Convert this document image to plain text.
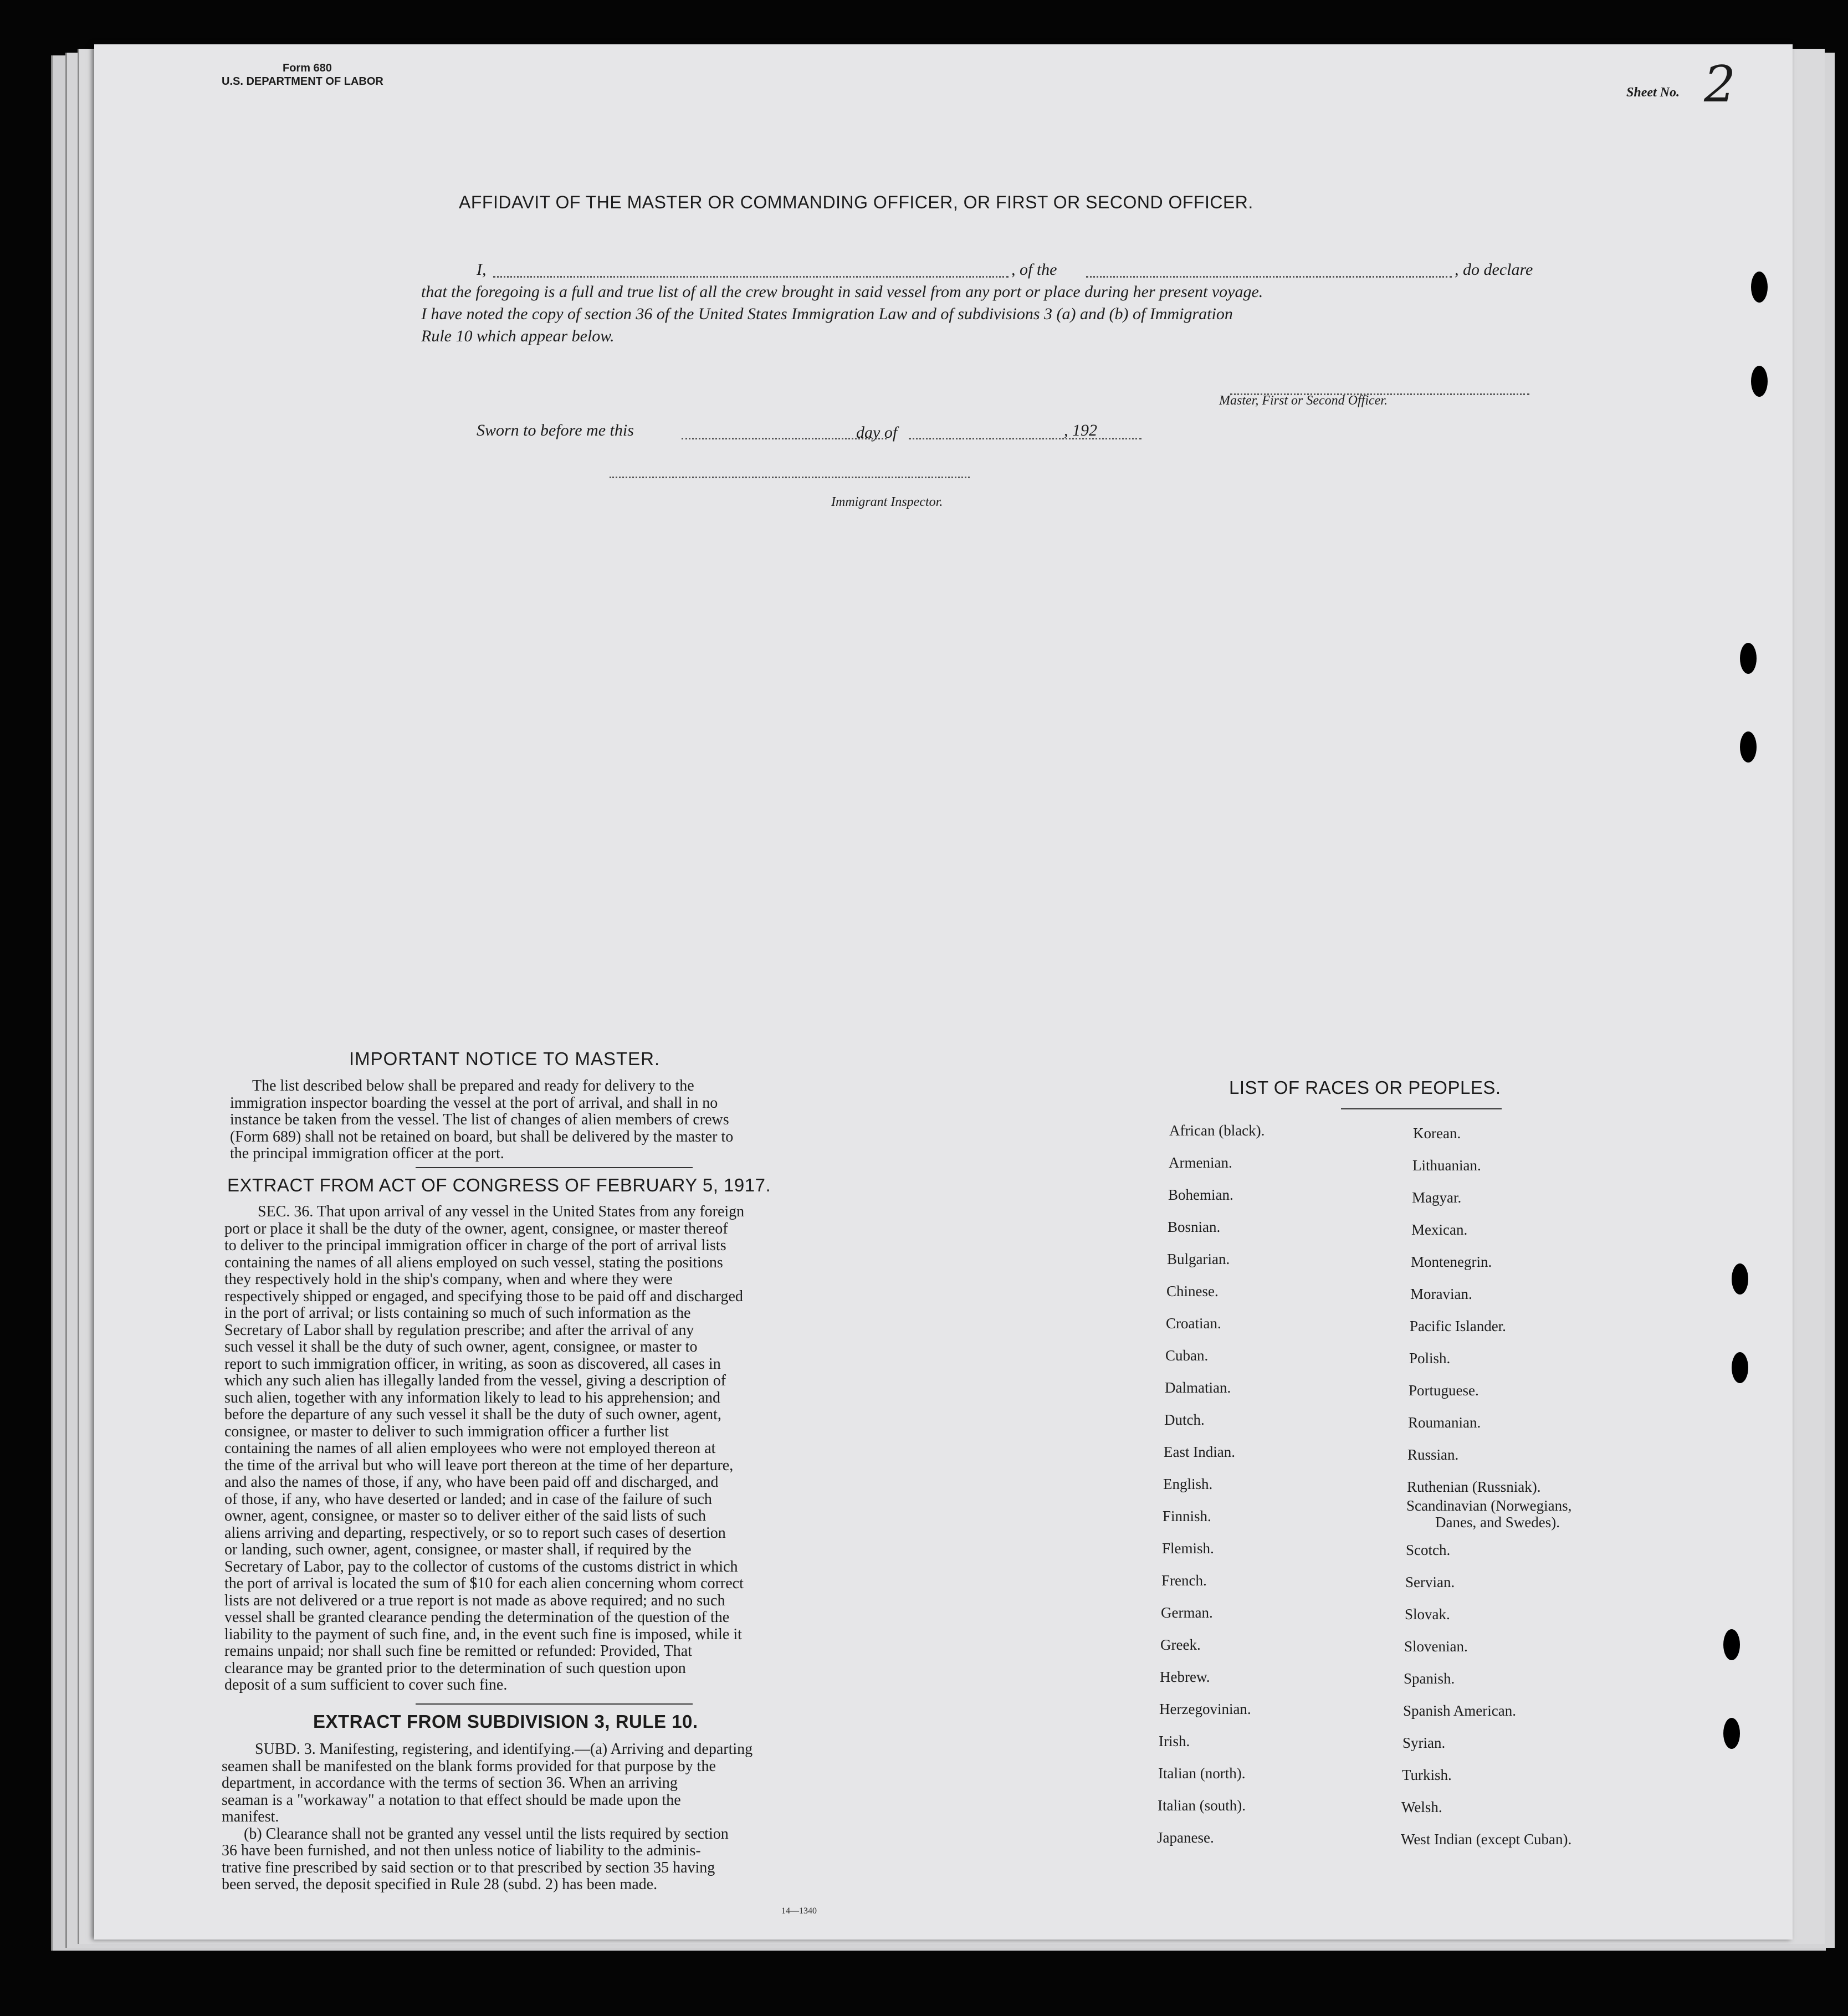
Form 680
U.S. DEPARTMENT OF LABOR
Sheet No. 2
AFFIDAVIT OF THE MASTER OR COMMANDING OFFICER, OR FIRST OR SECOND OFFICER.
I,	, of the	, do declare
that the foregoing is a full and true list of all the crew brought in said vessel from any port or place during her present voyage.
I have noted the copy of section 36 of the United States Immigration Law and of subdivisions 3 (a) and (b) of Immigration
Rule 10 which appear below.
Master, First or Second Officer.
Sworn to before me this	day of	, 192
Immigrant Inspector.
IMPORTANT NOTICE TO MASTER.
The list described below shall be prepared and ready for delivery to the
immigration inspector boarding the vessel at the port of arrival, and shall in no
instance be taken from the vessel. The list of changes of alien members of crews
(Form 689) shall not be retained on board, but shall be delivered by the master to
the principal immigration officer at the port.
EXTRACT FROM ACT OF CONGRESS OF FEBRUARY 5, 1917.
SEC. 36. That upon arrival of any vessel in the United States from any foreign
port or place it shall be the duty of the owner, agent, consignee, or master thereof
to deliver to the principal immigration officer in charge of the port of arrival lists
containing the names of all aliens employed on such vessel, stating the positions
they respectively hold in the ship's company, when and where they were
respectively shipped or engaged, and specifying those to be paid off and discharged
in the port of arrival; or lists containing so much of such information as the
Secretary of Labor shall by regulation prescribe; and after the arrival of any
such vessel it shall be the duty of such owner, agent, consignee, or master to
report to such immigration officer, in writing, as soon as discovered, all cases in
which any such alien has illegally landed from the vessel, giving a description of
such alien, together with any information likely to lead to his apprehension; and
before the departure of any such vessel it shall be the duty of such owner, agent,
consignee, or master to deliver to such immigration officer a further list
containing the names of all alien employees who were not employed thereon at
the time of the arrival but who will leave port thereon at the time of her departure,
and also the names of those, if any, who have been paid off and discharged, and
of those, if any, who have deserted or landed; and in case of the failure of such
owner, agent, consignee, or master so to deliver either of the said lists of such
aliens arriving and departing, respectively, or so to report such cases of desertion
or landing, such owner, agent, consignee, or master shall, if required by the
Secretary of Labor, pay to the collector of customs of the customs district in which
the port of arrival is located the sum of $10 for each alien concerning whom correct
lists are not delivered or a true report is not made as above required; and no such
vessel shall be granted clearance pending the determination of the question of the
liability to the payment of such fine, and, in the event such fine is imposed, while it
remains unpaid; nor shall such fine be remitted or refunded: Provided, That
clearance may be granted prior to the determination of such question upon
deposit of a sum sufficient to cover such fine.
EXTRACT FROM SUBDIVISION 3, RULE 10.
SUBD. 3. Manifesting, registering, and identifying.—(a) Arriving and departing
seamen shall be manifested on the blank forms provided for that purpose by the
department, in accordance with the terms of section 36. When an arriving
seaman is a "workaway" a notation to that effect should be made upon the
manifest.
(b) Clearance shall not be granted any vessel until the lists required by section
36 have been furnished, and not then unless notice of liability to the adminis-
trative fine prescribed by said section or to that prescribed by section 35 having
been served, the deposit specified in Rule 28 (subd. 2) has been made.
14—1340
LIST OF RACES OR PEOPLES.
African (black).
Armenian.
Bohemian.
Bosnian.
Bulgarian.
Chinese.
Croatian.
Cuban.
Dalmatian.
Dutch.
East Indian.
English.
Finnish.
Flemish.
French.
German.
Greek.
Hebrew.
Herzegovinian.
Irish.
Italian (north).
Italian (south).
Japanese.
Korean.
Lithuanian.
Magyar.
Mexican.
Montenegrin.
Moravian.
Pacific Islander.
Polish.
Portuguese.
Roumanian.
Russian.
Ruthenian (Russniak).
Scandinavian (Norwegians,
Danes, and Swedes).
Scotch.
Servian.
Slovak.
Slovenian.
Spanish.
Spanish American.
Syrian.
Turkish.
Welsh.
West Indian (except Cuban).
